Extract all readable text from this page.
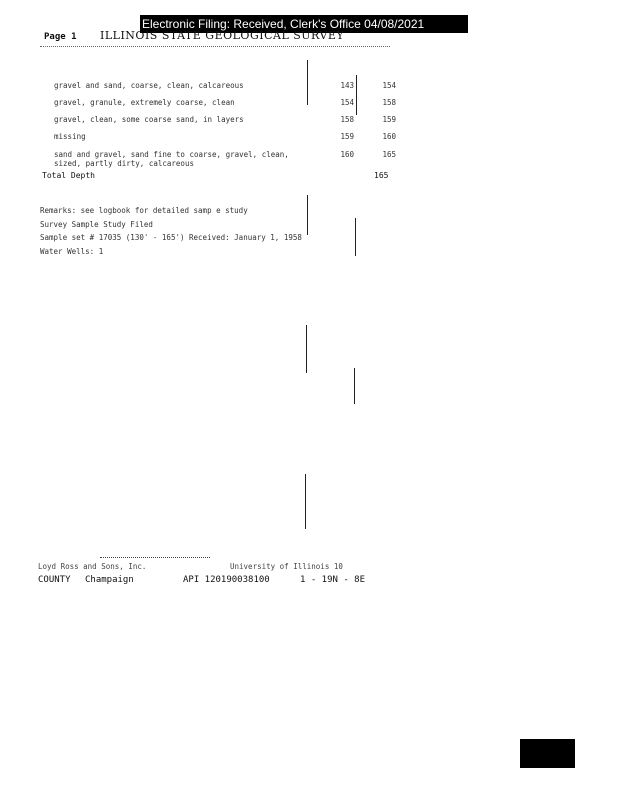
Electronic Filing: Received, Clerk's Office 04/08/2021
Page 1 ILLINOIS STATE GEOLOGICAL SURVEY
gravel and sand, coarse, clean, calcareous	143	154
gravel, granule, extremely coarse, clean	154	158
gravel, clean, some coarse sand, in layers	158	159
missing	159	160
sand and gravel, sand fine to coarse, gravel, clean,
sized, partly dirty, calcareous
160	165
Total Depth	165
Remarks: see logbook for detailed samp e study
Survey Sample Study Filed
Sample set # 17035 (130' - 165') Received: January 1, 1958
Water Wells: 1
Loyd Ross and Sons, Inc.	University of Illinois 10
COUNTY Champaign	API 120190038100	1 - 19N - 8E
